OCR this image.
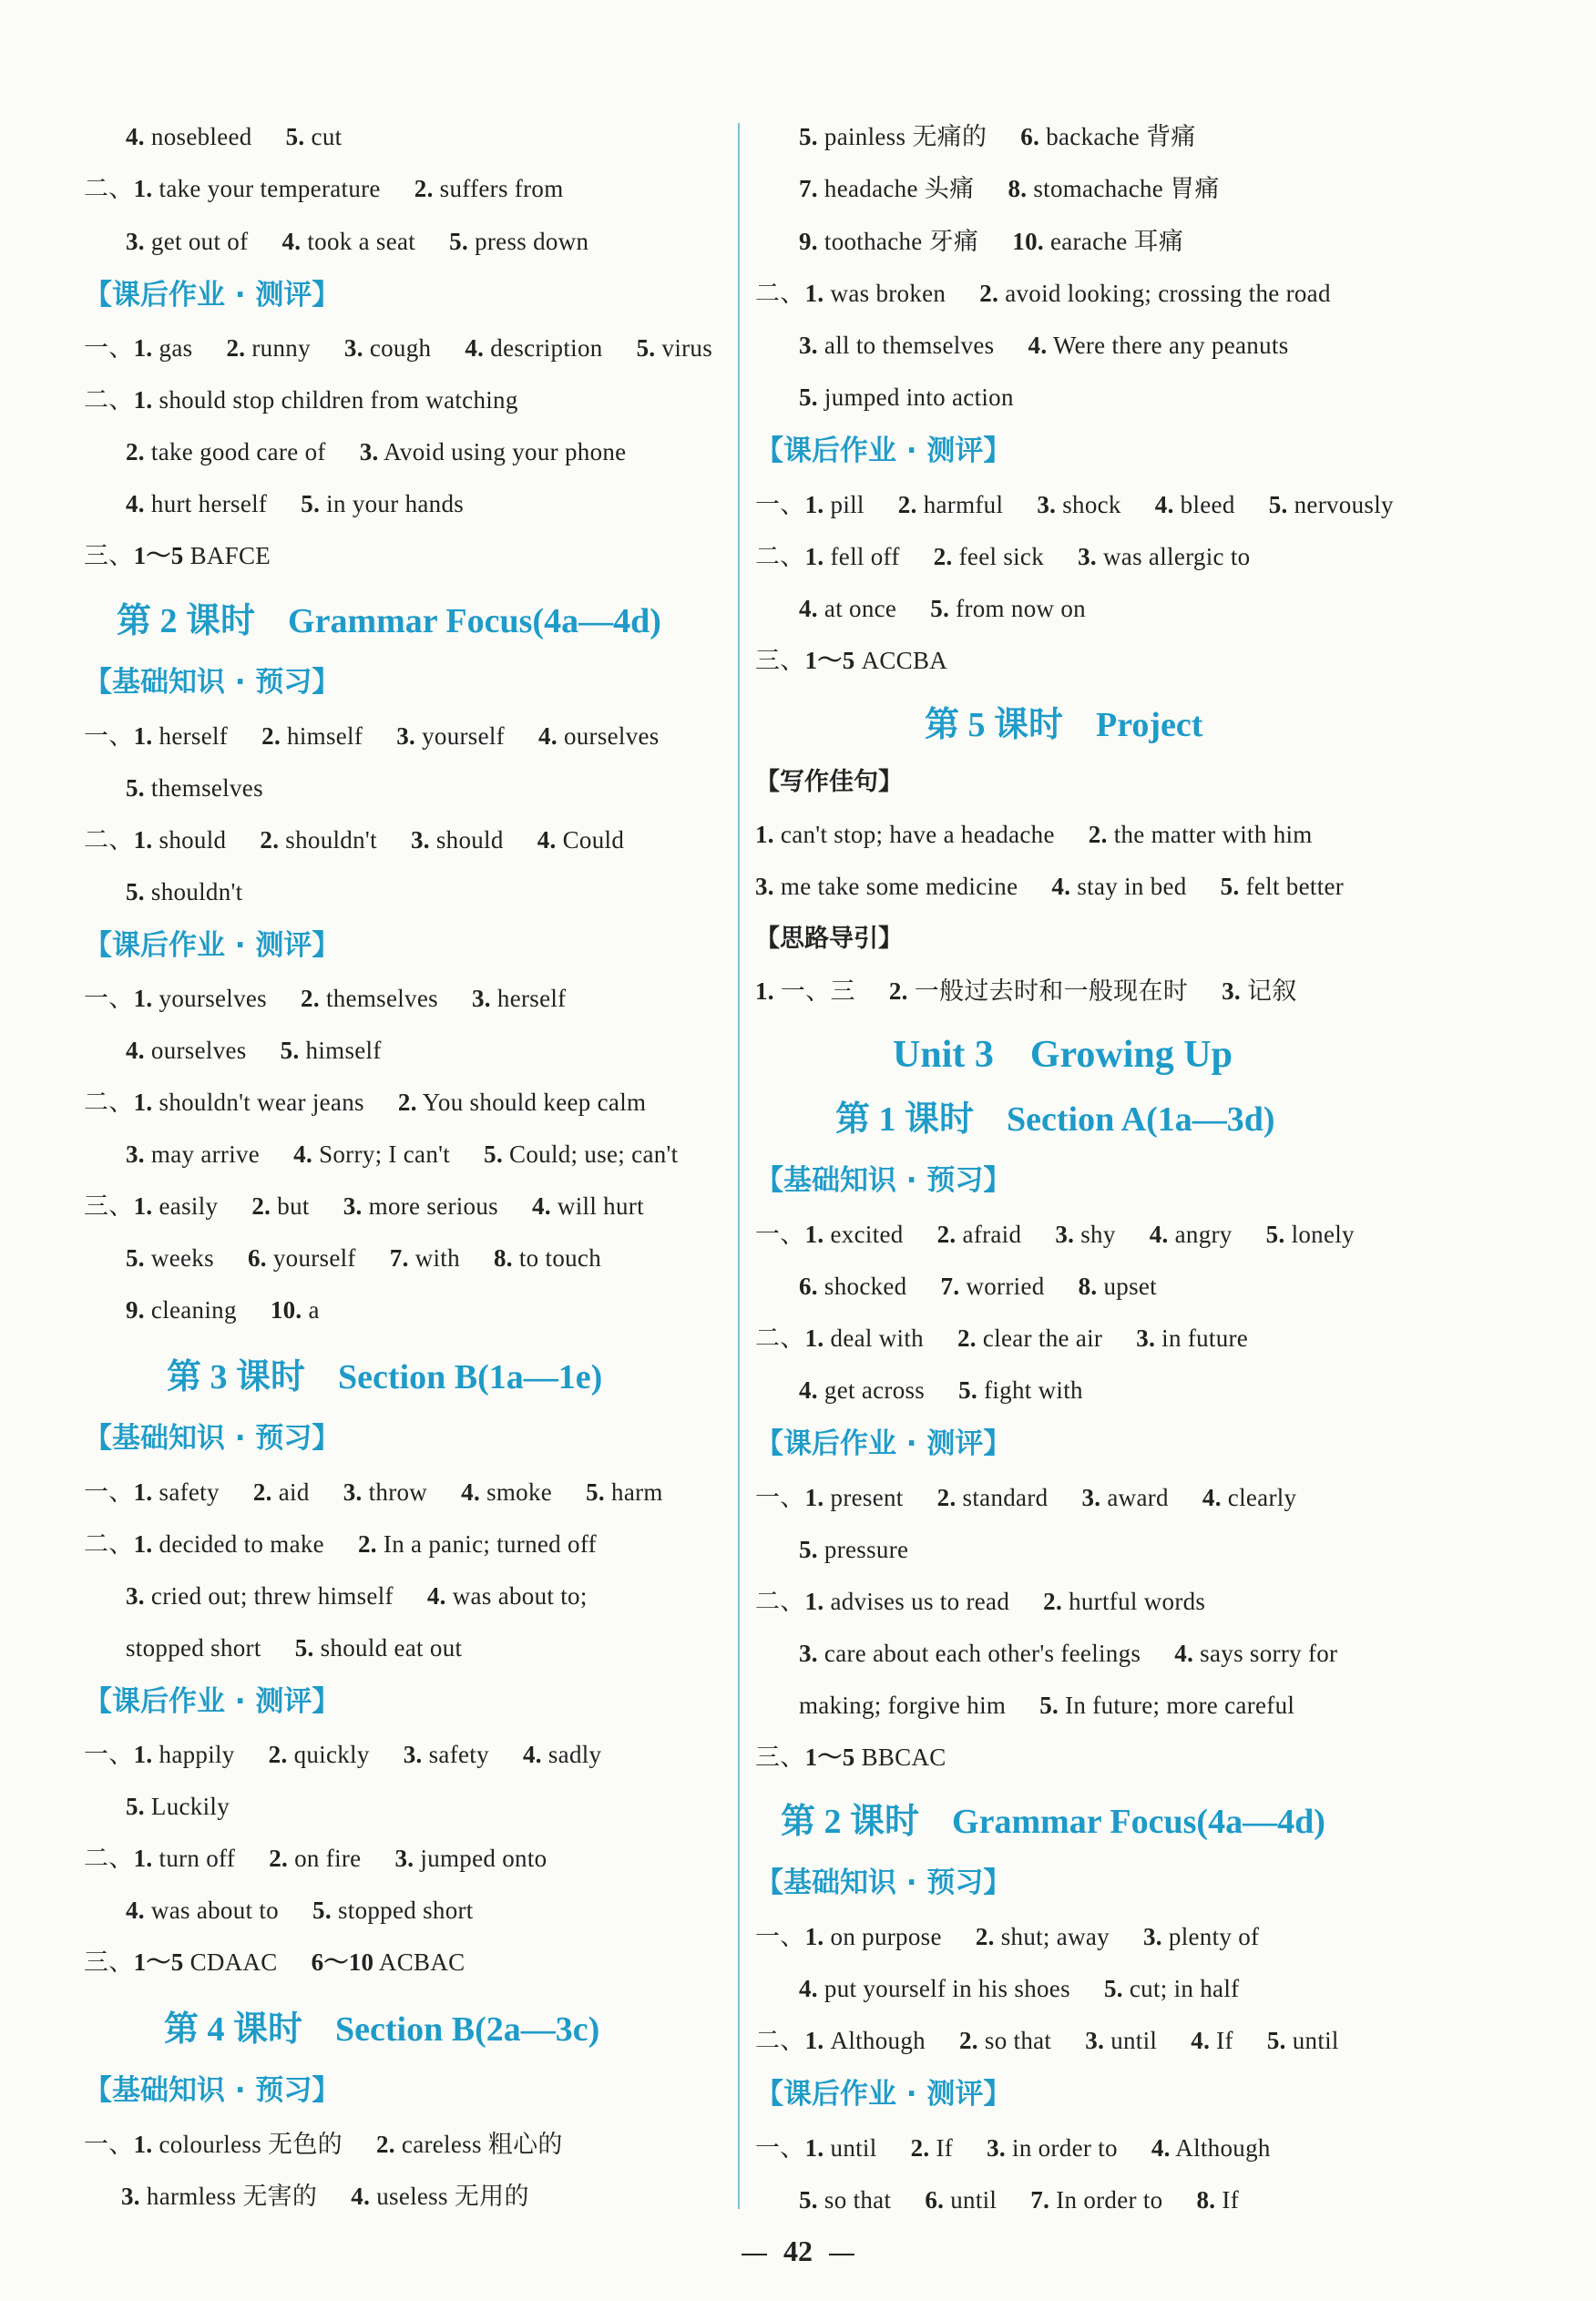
4. nosebleed 5. cut
二、1. take your temperature 2. suffers from
3. get out of 4. took a seat 5. press down
【课后作业 · 测评】
一、1. gas 2. runny 3. cough 4. description 5. virus
二、1. should stop children from watching
2. take good care of 3. Avoid using your phone
4. hurt herself 5. in your hands
三、1～5 BAFCE
第 2 课时 Grammar Focus(4a—4d)
【基础知识 · 预习】
一、1. herself 2. himself 3. yourself 4. ourselves
5. themselves
二、1. should 2. shouldn't 3. should 4. Could
5. shouldn't
【课后作业 · 测评】
一、1. yourselves 2. themselves 3. herself
4. ourselves 5. himself
二、1. shouldn't wear jeans 2. You should keep calm
3. may arrive 4. Sorry; I can't 5. Could; use; can't
三、1. easily 2. but 3. more serious 4. will hurt
5. weeks 6. yourself 7. with 8. to touch
9. cleaning 10. a
第 3 课时 Section B(1a—1e)
【基础知识 · 预习】
一、1. safety 2. aid 3. throw 4. smoke 5. harm
二、1. decided to make 2. In a panic; turned off
3. cried out; threw himself 4. was about to;
stopped short 5. should eat out
【课后作业 · 测评】
一、1. happily 2. quickly 3. safety 4. sadly
5. Luckily
二、1. turn off 2. on fire 3. jumped onto
4. was about to 5. stopped short
三、1～5 CDAAC 6～10 ACBAC
第 4 课时 Section B(2a—3c)
【基础知识 · 预习】
一、1. colourless 无色的 2. careless 粗心的
3. harmless 无害的 4. useless 无用的
5. painless 无痛的 6. backache 背痛
7. headache 头痛 8. stomachache 胃痛
9. toothache 牙痛 10. earache 耳痛
二、1. was broken 2. avoid looking; crossing the road
3. all to themselves 4. Were there any peanuts
5. jumped into action
【课后作业 · 测评】
一、1. pill 2. harmful 3. shock 4. bleed 5. nervously
二、1. fell off 2. feel sick 3. was allergic to
4. at once 5. from now on
三、1～5 ACCBA
第 5 课时 Project
【写作佳句】
1. can't stop; have a headache 2. the matter with him
3. me take some medicine 4. stay in bed 5. felt better
【思路导引】
1. 一、三 2. 一般过去时和一般现在时 3. 记叙
Unit 3 Growing Up
第 1 课时 Section A(1a—3d)
【基础知识 · 预习】
一、1. excited 2. afraid 3. shy 4. angry 5. lonely
6. shocked 7. worried 8. upset
二、1. deal with 2. clear the air 3. in future
4. get across 5. fight with
【课后作业 · 测评】
一、1. present 2. standard 3. award 4. clearly
5. pressure
二、1. advises us to read 2. hurtful words
3. care about each other's feelings 4. says sorry for
making; forgive him 5. In future; more careful
三、1～5 BBCAC
第 2 课时 Grammar Focus(4a—4d)
【基础知识 · 预习】
一、1. on purpose 2. shut; away 3. plenty of
4. put yourself in his shoes 5. cut; in half
二、1. Although 2. so that 3. until 4. If 5. until
【课后作业 · 测评】
一、1. until 2. If 3. in order to 4. Although
5. so that 6. until 7. In order to 8. If
42
